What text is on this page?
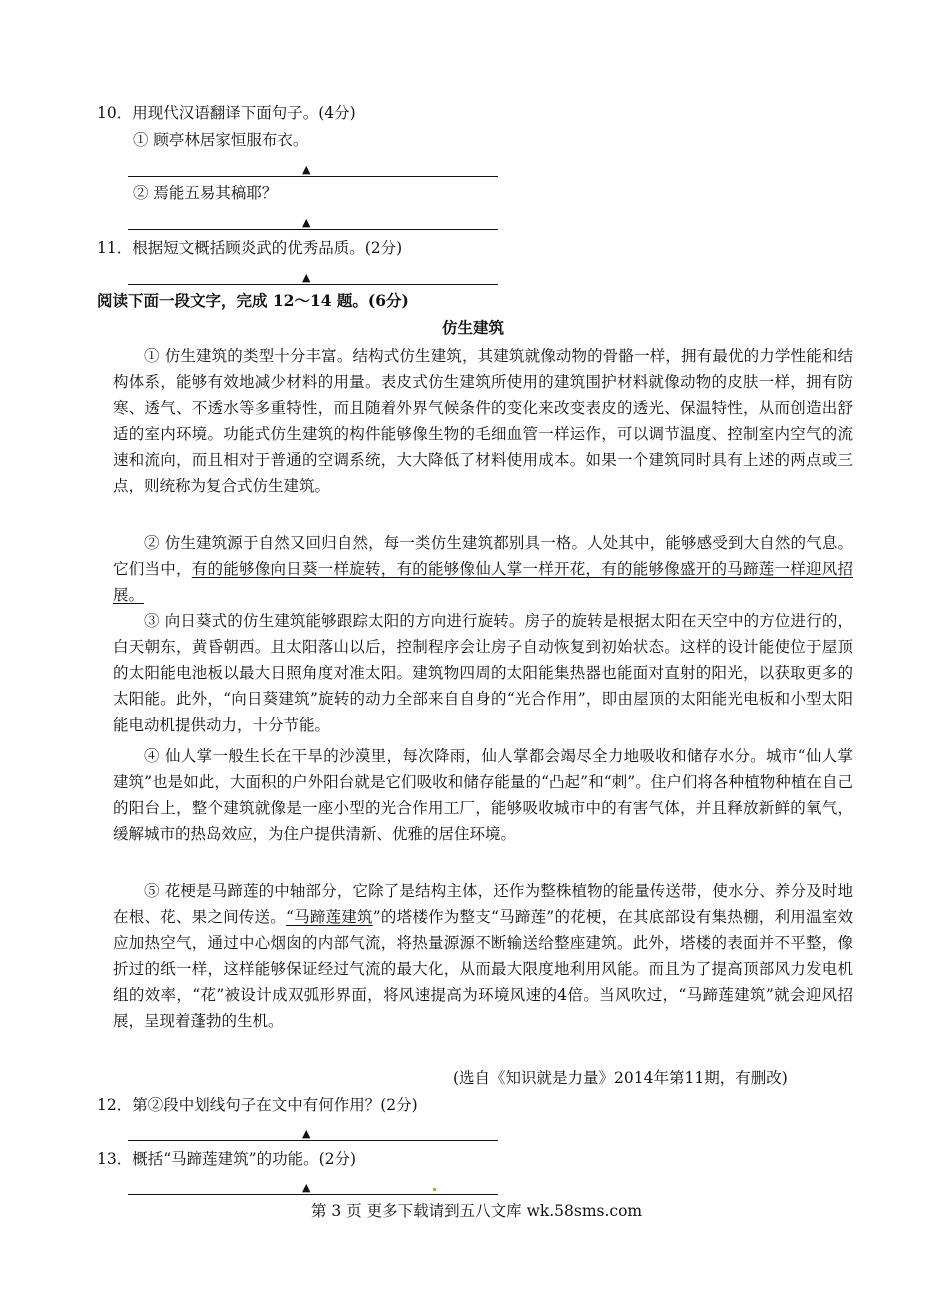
10．用现代汉语翻译下面句子。(4分)
① 顾亭林居家恒服布衣。
▲
② 焉能五易其稿耶？
▲
11．根据短文概括顾炎武的优秀品质。(2分)
▲
阅读下面一段文字，完成 12～14 题。(6分)
仿生建筑

① 仿生建筑的类型十分丰富。结构式仿生建筑，其建筑就像动物的骨骼一样，拥有最优的力学性能和结构体系，能够有效地减少材料的用量。表皮式仿生建筑所使用的建筑围护材料就像动物的皮肤一样，拥有防寒、透气、不透水等多重特性，而且随着外界气候条件的变化来改变表皮的透光、保温特性，从而创造出舒适的室内环境。功能式仿生建筑的构件能够像生物的毛细血管一样运作，可以调节温度、控制室内空气的流速和流向，而且相对于普通的空调系统，大大降低了材料使用成本。如果一个建筑同时具有上述的两点或三点，则统称为复合式仿生建筑。

② 仿生建筑源于自然又回归自然，每一类仿生建筑都别具一格。人处其中，能够感受到大自然的气息。它们当中，有的能够像向日葵一样旋转，有的能够像仙人掌一样开花，有的能够像盛开的马蹄莲一样迎风招展。

③ 向日葵式的仿生建筑能够跟踪太阳的方向进行旋转。房子的旋转是根据太阳在天空中的方位进行的，白天朝东，黄昏朝西。且太阳落山以后，控制程序会让房子自动恢复到初始状态。这样的设计能使位于屋顶的太阳能电池板以最大日照角度对准太阳。建筑物四周的太阳能集热器也能面对直射的阳光，以获取更多的太阳能。此外，“向日葵建筑”旋转的动力全部来自自身的“光合作用”，即由屋顶的太阳能光电板和小型太阳能电动机提供动力，十分节能。

④ 仙人掌一般生长在干旱的沙漠里，每次降雨，仙人掌都会竭尽全力地吸收和储存水分。城市“仙人掌建筑”也是如此，大面积的户外阳台就是它们吸收和储存能量的“凸起”和“刺”。住户们将各种植物种植在自己的阳台上，整个建筑就像是一座小型的光合作用工厂，能够吸收城市中的有害气体，并且释放新鲜的氧气，缓解城市的热岛效应，为住户提供清新、优雅的居住环境。

⑤ 花梗是马蹄莲的中轴部分，它除了是结构主体，还作为整株植物的能量传送带，使水分、养分及时地在根、花、果之间传送。“马蹄莲建筑”的塔楼作为整支“马蹄莲”的花梗，在其底部设有集热棚，利用温室效应加热空气，通过中心烟囱的内部气流，将热量源源不断输送给整座建筑。此外，塔楼的表面并不平整，像折过的纸一样，这样能够保证经过气流的最大化，从而最大限度地利用风能。而且为了提高顶部风力发电机组的效率，“花”被设计成双弧形界面，将风速提高为环境风速的4倍。当风吹过，“马蹄莲建筑”就会迎风招展，呈现着蓬勃的生机。

(选自《知识就是力量》2014年第11期，有删改)
12．第②段中划线句子在文中有何作用？(2分)
▲
13．概括“马蹄莲建筑”的功能。(2分)
▲
第 3 页 更多下载请到五八文库 wk.58sms.com
